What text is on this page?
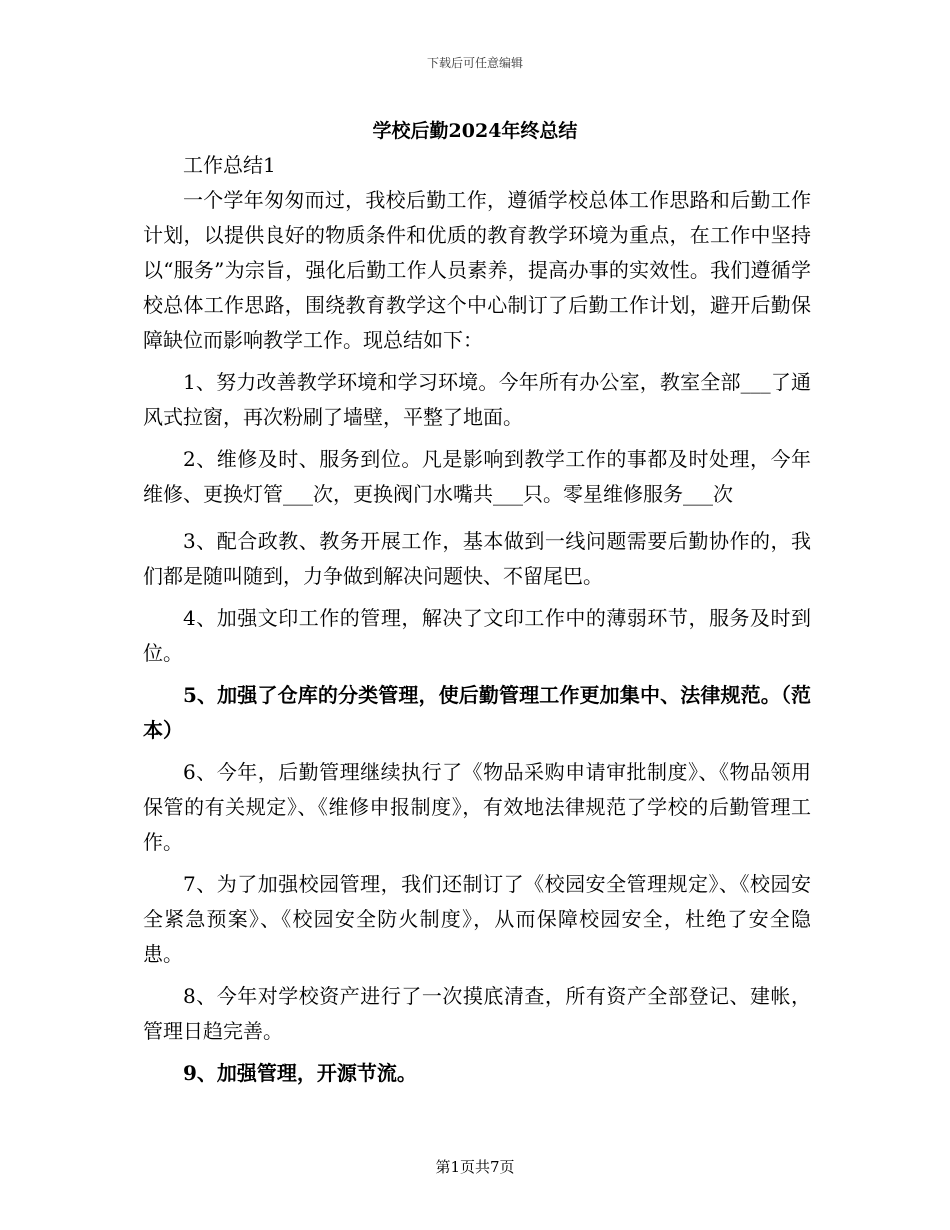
下载后可任意编辑
学校后勤2024年终总结

工作总结1

一个学年匆匆而过，我校后勤工作，遵循学校总体工作思路和后勤工作计划，以提供良好的物质条件和优质的教育教学环境为重点，在工作中坚持以“服务”为宗旨，强化后勤工作人员素养，提高办事的实效性。我们遵循学校总体工作思路，围绕教育教学这个中心制订了后勤工作计划，避开后勤保障缺位而影响教学工作。现总结如下：

1、努力改善教学环境和学习环境。今年所有办公室，教室全部___了通风式拉窗，再次粉刷了墙壁，平整了地面。

2、维修及时、服务到位。凡是影响到教学工作的事都及时处理，今年维修、更换灯管___次，更换阀门水嘴共___只。零星维修服务___次

3、配合政教、教务开展工作，基本做到一线问题需要后勤协作的，我们都是随叫随到，力争做到解决问题快、不留尾巴。

4、加强文印工作的管理，解决了文印工作中的薄弱环节，服务及时到位。

5、加强了仓库的分类管理，使后勤管理工作更加集中、法律规范。（范本）

6、今年，后勤管理继续执行了《物品采购申请审批制度》、《物品领用保管的有关规定》、《维修申报制度》，有效地法律规范了学校的后勤管理工作。

7、为了加强校园管理，我们还制订了《校园安全管理规定》、《校园安全紧急预案》、《校园安全防火制度》，从而保障校园安全，杜绝了安全隐患。

8、今年对学校资产进行了一次摸底清查，所有资产全部登记、建帐，管理日趋完善。

9、加强管理，开源节流。

第1页共7页
